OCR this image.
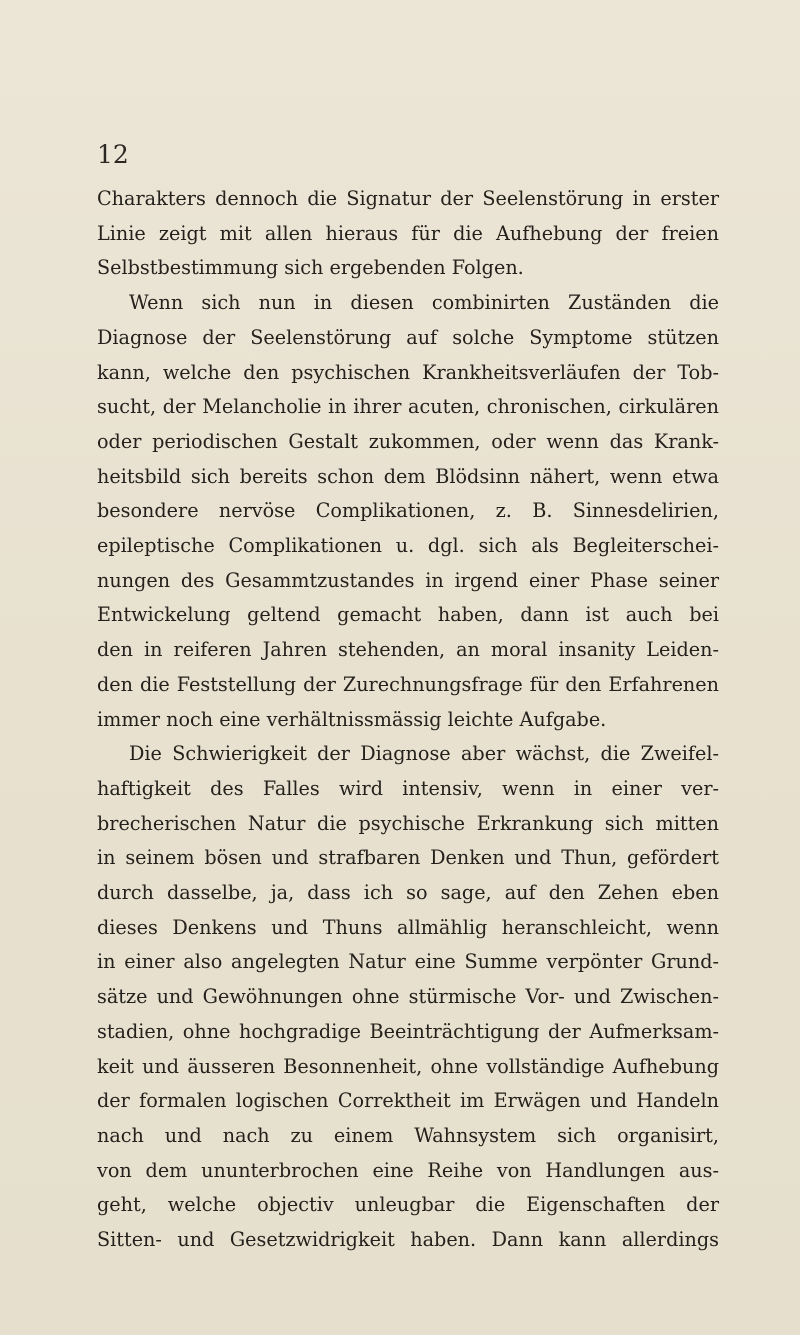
12

Charakters dennoch die Signatur der Seelenstörung in erster
Linie zeigt mit allen hieraus für die Aufhebung der freien
Selbstbestimmung sich ergebenden Folgen.

Wenn sich nun in diesen combinirten Zuständen die
Diagnose der Seelenstörung auf solche Symptome stützen
kann, welche den psychischen Krankheitsverläufen der Tob-
sucht, der Melancholie in ihrer acuten, chronischen, cirkulären
oder periodischen Gestalt zukommen, oder wenn das Krank-
heitsbild sich bereits schon dem Blödsinn nähert, wenn etwa
besondere nervöse Complikationen, z. B. Sinnesdelirien,
epileptische Complikationen u. dgl. sich als Begleiterschei-
nungen des Gesammtzustandes in irgend einer Phase seiner
Entwickelung geltend gemacht haben, dann ist auch bei
den in reiferen Jahren stehenden, an moral insanity Leiden-
den die Feststellung der Zurechnungsfrage für den Erfahrenen
immer noch eine verhältnissmässig leichte Aufgabe.

Die Schwierigkeit der Diagnose aber wächst, die Zweifel-
haftigkeit des Falles wird intensiv, wenn in einer ver-
brecherischen Natur die psychische Erkrankung sich mitten
in seinem bösen und strafbaren Denken und Thun, gefördert
durch dasselbe, ja, dass ich so sage, auf den Zehen eben
dieses Denkens und Thuns allmählig heranschleicht, wenn
in einer also angelegten Natur eine Summe verpönter Grund-
sätze und Gewöhnungen ohne stürmische Vor- und Zwischen-
stadien, ohne hochgradige Beeinträchtigung der Aufmerksam-
keit und äusseren Besonnenheit, ohne vollständige Aufhebung
der formalen logischen Correktheit im Erwägen und Handeln
nach und nach zu einem Wahnsystem sich organisirt,
von dem ununterbrochen eine Reihe von Handlungen aus-
geht, welche objectiv unleugbar die Eigenschaften der
Sitten- und Gesetzwidrigkeit haben. Dann kann allerdings
